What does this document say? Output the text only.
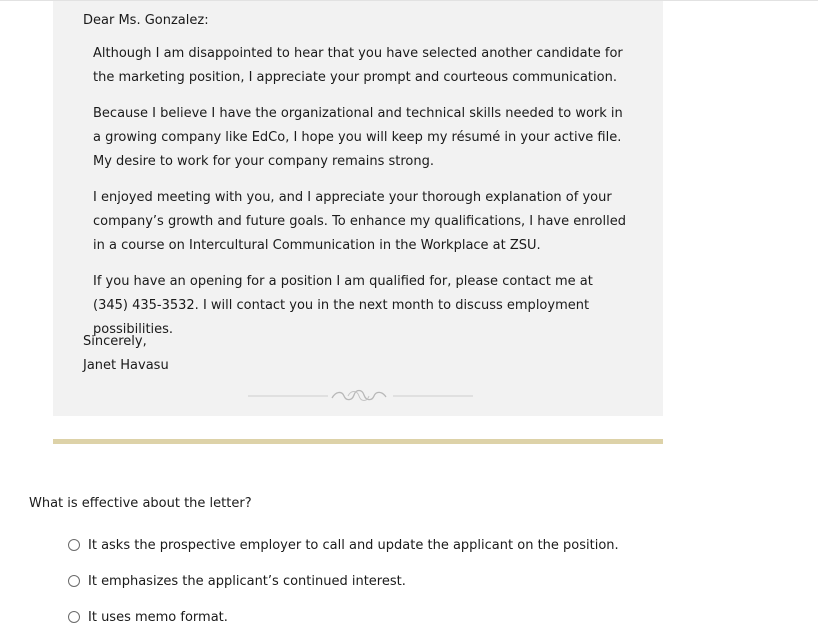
Dear Ms. Gonzalez:
Although I am disappointed to hear that you have selected another candidate for the marketing position, I appreciate your prompt and courteous communication.
Because I believe I have the organizational and technical skills needed to work in a growing company like EdCo, I hope you will keep my résumé in your active file. My desire to work for your company remains strong.
I enjoyed meeting with you, and I appreciate your thorough explanation of your company’s growth and future goals. To enhance my qualifications, I have enrolled in a course on Intercultural Communication in the Workplace at ZSU.
If you have an opening for a position I am qualified for, please contact me at (345) 435-3532. I will contact you in the next month to discuss employment possibilities.
Sincerely,
Janet Havasu
What is effective about the letter?
It asks the prospective employer to call and update the applicant on the position.
It emphasizes the applicant’s continued interest.
It uses memo format.
